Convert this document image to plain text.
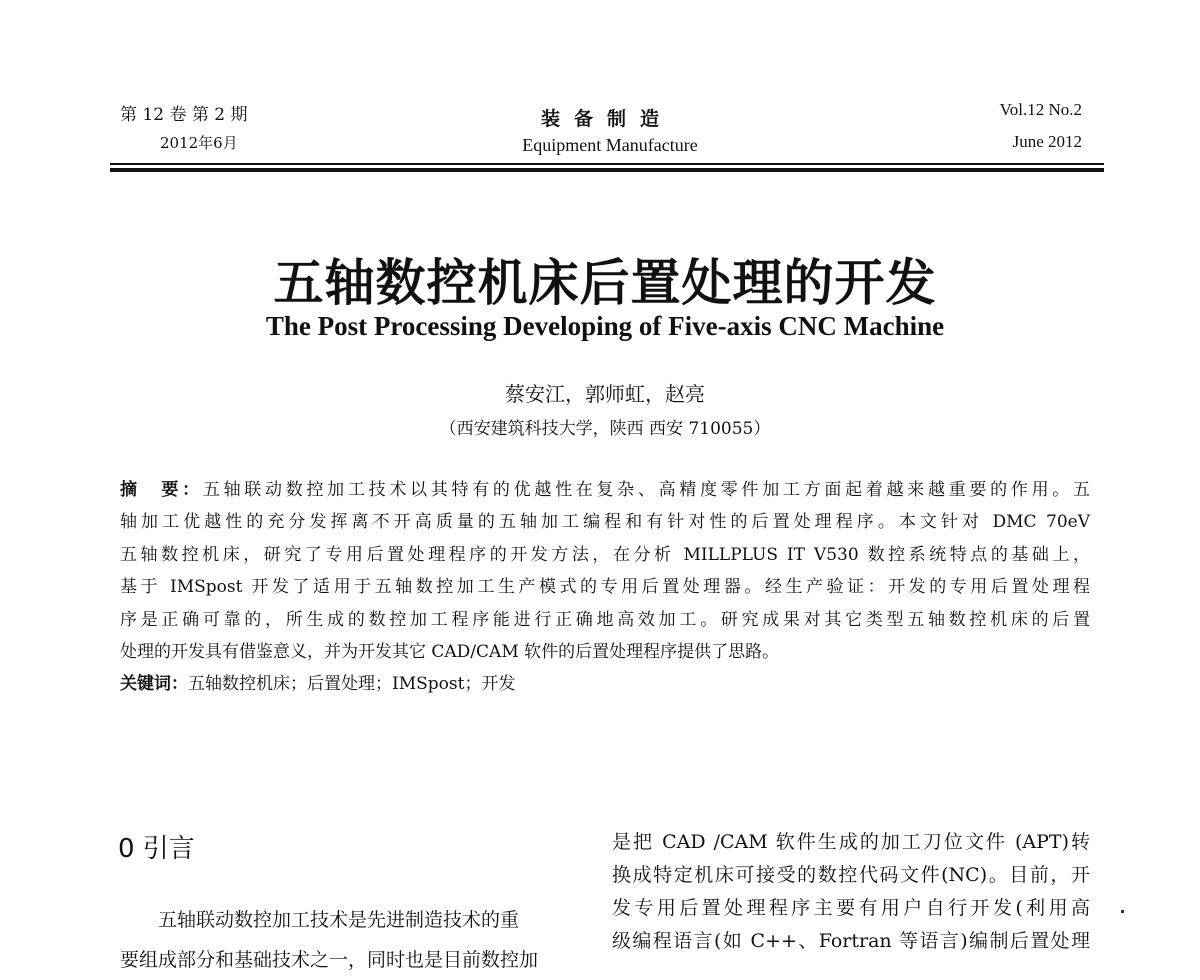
第 12 卷 第 2 期
2012年6月
装备制造
Equipment Manufacture
Vol.12 No.2
June 2012
五轴数控机床后置处理的开发
The Post Processing Developing of Five-axis CNC Machine
蔡安江，郭师虹，赵亮
（西安建筑科技大学，陕西 西安 710055）
摘　要：五轴联动数控加工技术以其特有的优越性在复杂、高精度零件加工方面起着越来越重要的作用。五
轴加工优越性的充分发挥离不开高质量的五轴加工编程和有针对性的后置处理程序。本文针对 DMC 70eV
五轴数控机床，研究了专用后置处理程序的开发方法，在分析 MILLPLUS IT V530 数控系统特点的基础上，
基于 IMSpost 开发了适用于五轴数控加工生产模式的专用后置处理器。经生产验证：开发的专用后置处理程
序是正确可靠的，所生成的数控加工程序能进行正确地高效加工。研究成果对其它类型五轴数控机床的后置
处理的开发具有借鉴意义，并为开发其它 CAD/CAM 软件的后置处理程序提供了思路。
关键词：五轴数控机床；后置处理；IMSpost；开发
0 引言
　　五轴联动数控加工技术是先进制造技术的重
要组成部分和基础技术之一，同时也是目前数控加
是把 CAD /CAM 软件生成的加工刀位文件 (APT)转
换成特定机床可接受的数控代码文件(NC)。目前，开
发专用后置处理程序主要有用户自行开发(利用高
级编程语言(如 C++、Fortran 等语言)编制后置处理
